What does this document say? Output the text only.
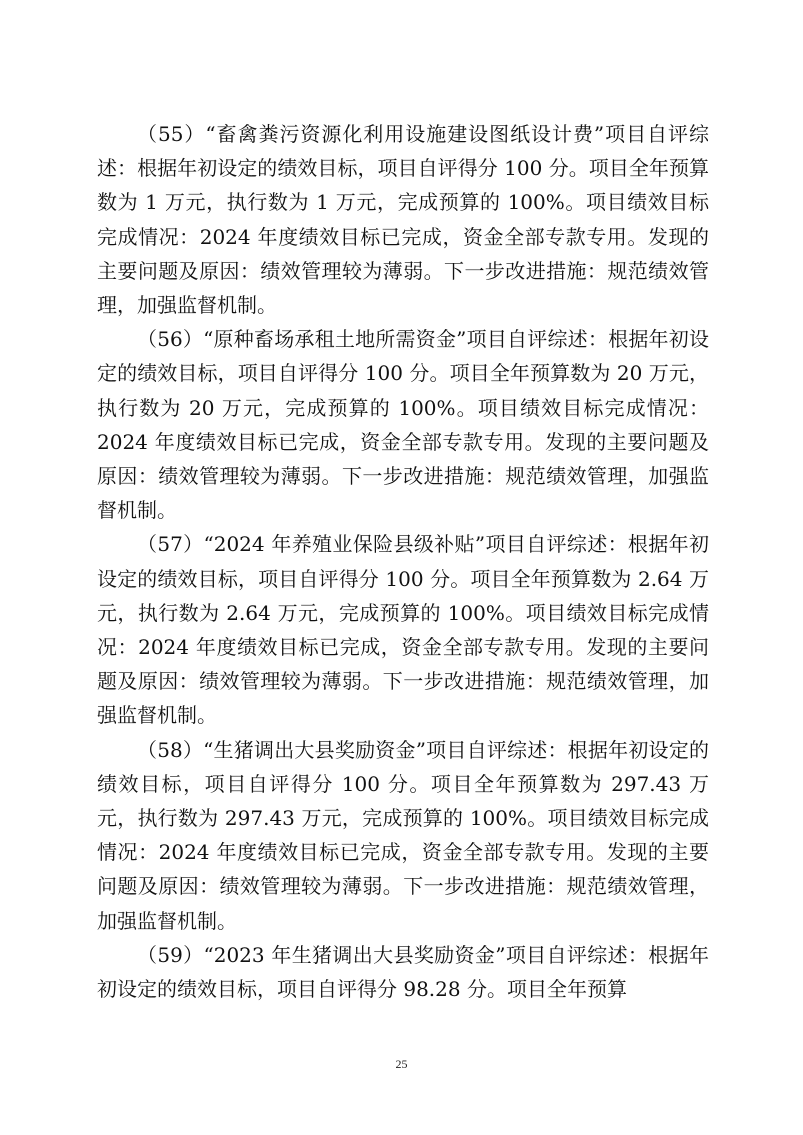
（55）“畜禽粪污资源化利用设施建设图纸设计费”项目自评综述：根据年初设定的绩效目标，项目自评得分 100 分。项目全年预算数为 1 万元，执行数为 1 万元，完成预算的 100%。项目绩效目标完成情况：2024 年度绩效目标已完成，资金全部专款专用。发现的主要问题及原因：绩效管理较为薄弱。下一步改进措施：规范绩效管理，加强监督机制。

（56）“原种畜场承租土地所需资金”项目自评综述：根据年初设定的绩效目标，项目自评得分 100 分。项目全年预算数为 20 万元，执行数为 20 万元，完成预算的 100%。项目绩效目标完成情况：2024 年度绩效目标已完成，资金全部专款专用。发现的主要问题及原因：绩效管理较为薄弱。下一步改进措施：规范绩效管理，加强监督机制。

（57）“2024 年养殖业保险县级补贴”项目自评综述：根据年初设定的绩效目标，项目自评得分 100 分。项目全年预算数为 2.64 万元，执行数为 2.64 万元，完成预算的 100%。项目绩效目标完成情况：2024 年度绩效目标已完成，资金全部专款专用。发现的主要问题及原因：绩效管理较为薄弱。下一步改进措施：规范绩效管理，加强监督机制。

（58）“生猪调出大县奖励资金”项目自评综述：根据年初设定的绩效目标，项目自评得分 100 分。项目全年预算数为 297.43 万元，执行数为 297.43 万元，完成预算的 100%。项目绩效目标完成情况：2024 年度绩效目标已完成，资金全部专款专用。发现的主要问题及原因：绩效管理较为薄弱。下一步改进措施：规范绩效管理，加强监督机制。

（59）“2023 年生猪调出大县奖励资金”项目自评综述：根据年初设定的绩效目标，项目自评得分 98.28 分。项目全年预算

25
